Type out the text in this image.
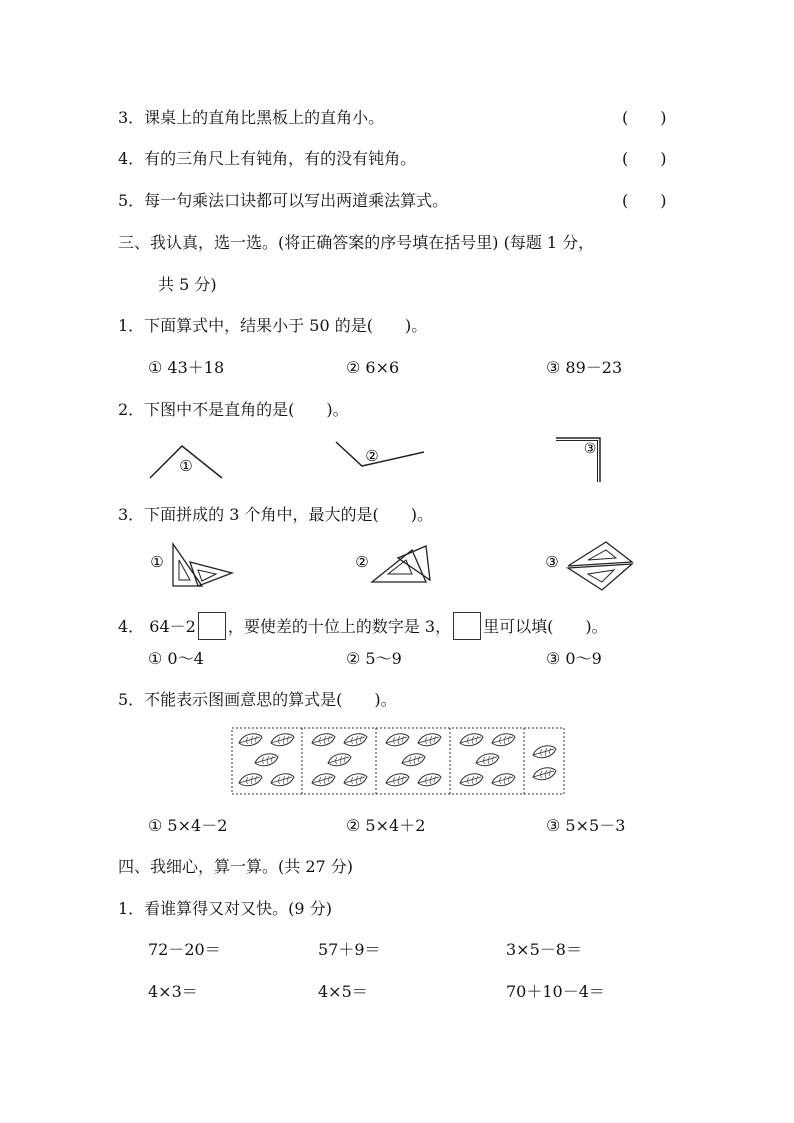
3．课桌上的直角比黑板上的直角小。	(　　)
4．有的三角尺上有钝角，有的没有钝角。	(　　)
5．每一句乘法口诀都可以写出两道乘法算式。	(　　)
三、我认真，选一选。(将正确答案的序号填在括号里) (每题 1 分，
共 5 分)
1．下面算式中，结果小于 50 的是(　　)。
① 43＋18	② 6×6	③ 89－23
2．下图中不是直角的是(　　)。
①
②	③
3．下面拼成的 3 个角中，最大的是(　　)。
①	②	③
4． 64－2 ，要使差的十位上的数字是 3， 里可以填(　　)。
① 0～4	② 5～9	③ 0～9
5．不能表示图画意思的算式是(　　)。
① 5×4－2	② 5×4＋2	③ 5×5－3
四、我细心，算一算。(共 27 分)
1．看谁算得又对又快。(9 分)
72－20＝	57＋9＝	3×5－8＝
4×3＝	4×5＝	70＋10－4＝
